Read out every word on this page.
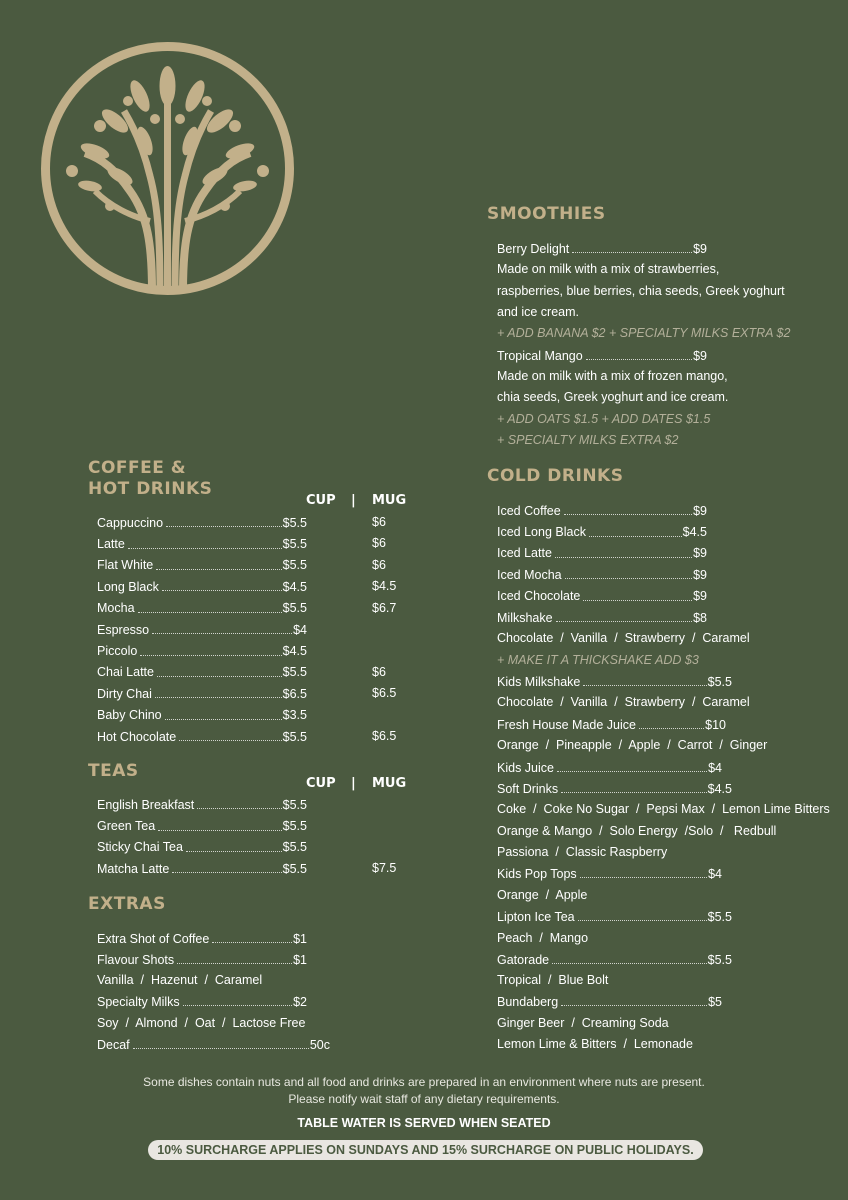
COFFEE &
HOT DRINKS
CUP | MUG
Cappuccino	$5.5	$6
Latte	$5.5	$6
Flat White	$5.5	$6
Long Black	$4.5	$4.5
Mocha	$5.5	$6.7
Espresso	$4
Piccolo	$4.5
Chai Latte	$5.5	$6
Dirty Chai	$6.5	$6.5
Baby Chino	$3.5
Hot Chocolate	$5.5	$6.5
TEAS
CUP | MUG
English Breakfast	$5.5
Green Tea	$5.5
Sticky Chai Tea	$5.5
Matcha Latte	$5.5	$7.5
EXTRAS
Extra Shot of Coffee	$1
Flavour Shots	$1
Vanilla  /  Hazenut  /  Caramel
Specialty Milks	$2
Soy  /  Almond  /  Oat  /  Lactose Free
Decaf	50c
SMOOTHIES
Berry Delight	$9
Made on milk with a mix of strawberries,
raspberries, blue berries, chia seeds, Greek yoghurt
and ice cream.
+ ADD BANANA $2 + SPECIALTY MILKS EXTRA $2
Tropical Mango	$9
Made on milk with a mix of frozen mango,
chia seeds, Greek yoghurt and ice cream.
+ ADD OATS $1.5 + ADD DATES $1.5
+ SPECIALTY MILKS EXTRA $2
COLD DRINKS
Iced Coffee	$9
Iced Long Black	$4.5
Iced Latte	$9
Iced Mocha	$9
Iced Chocolate	$9
Milkshake	$8
Chocolate  /  Vanilla  /  Strawberry  /  Caramel
+ MAKE IT A THICKSHAKE ADD $3
Kids Milkshake	$5.5
Chocolate  /  Vanilla  /  Strawberry  /  Caramel
Fresh House Made Juice	$10
Orange  /  Pineapple  /  Apple  /  Carrot  /  Ginger
Kids Juice	$4
Soft Drinks	$4.5
Coke  /  Coke No Sugar  /  Pepsi Max  /  Lemon Lime Bitters
Orange & Mango  /  Solo Energy  /Solo  /   Redbull
Passiona  /  Classic Raspberry
Kids Pop Tops	$4
Orange  /  Apple
Lipton Ice Tea	$5.5
Peach  /  Mango
Gatorade	$5.5
Tropical  /  Blue Bolt
Bundaberg	$5
Ginger Beer  /  Creaming Soda
Lemon Lime & Bitters  /  Lemonade
Some dishes contain nuts and all food and drinks are prepared in an environment where nuts are present.
Please notify wait staff of any dietary requirements.
TABLE WATER IS SERVED WHEN SEATED
10% SURCHARGE APPLIES ON SUNDAYS AND 15% SURCHARGE ON PUBLIC HOLIDAYS.
